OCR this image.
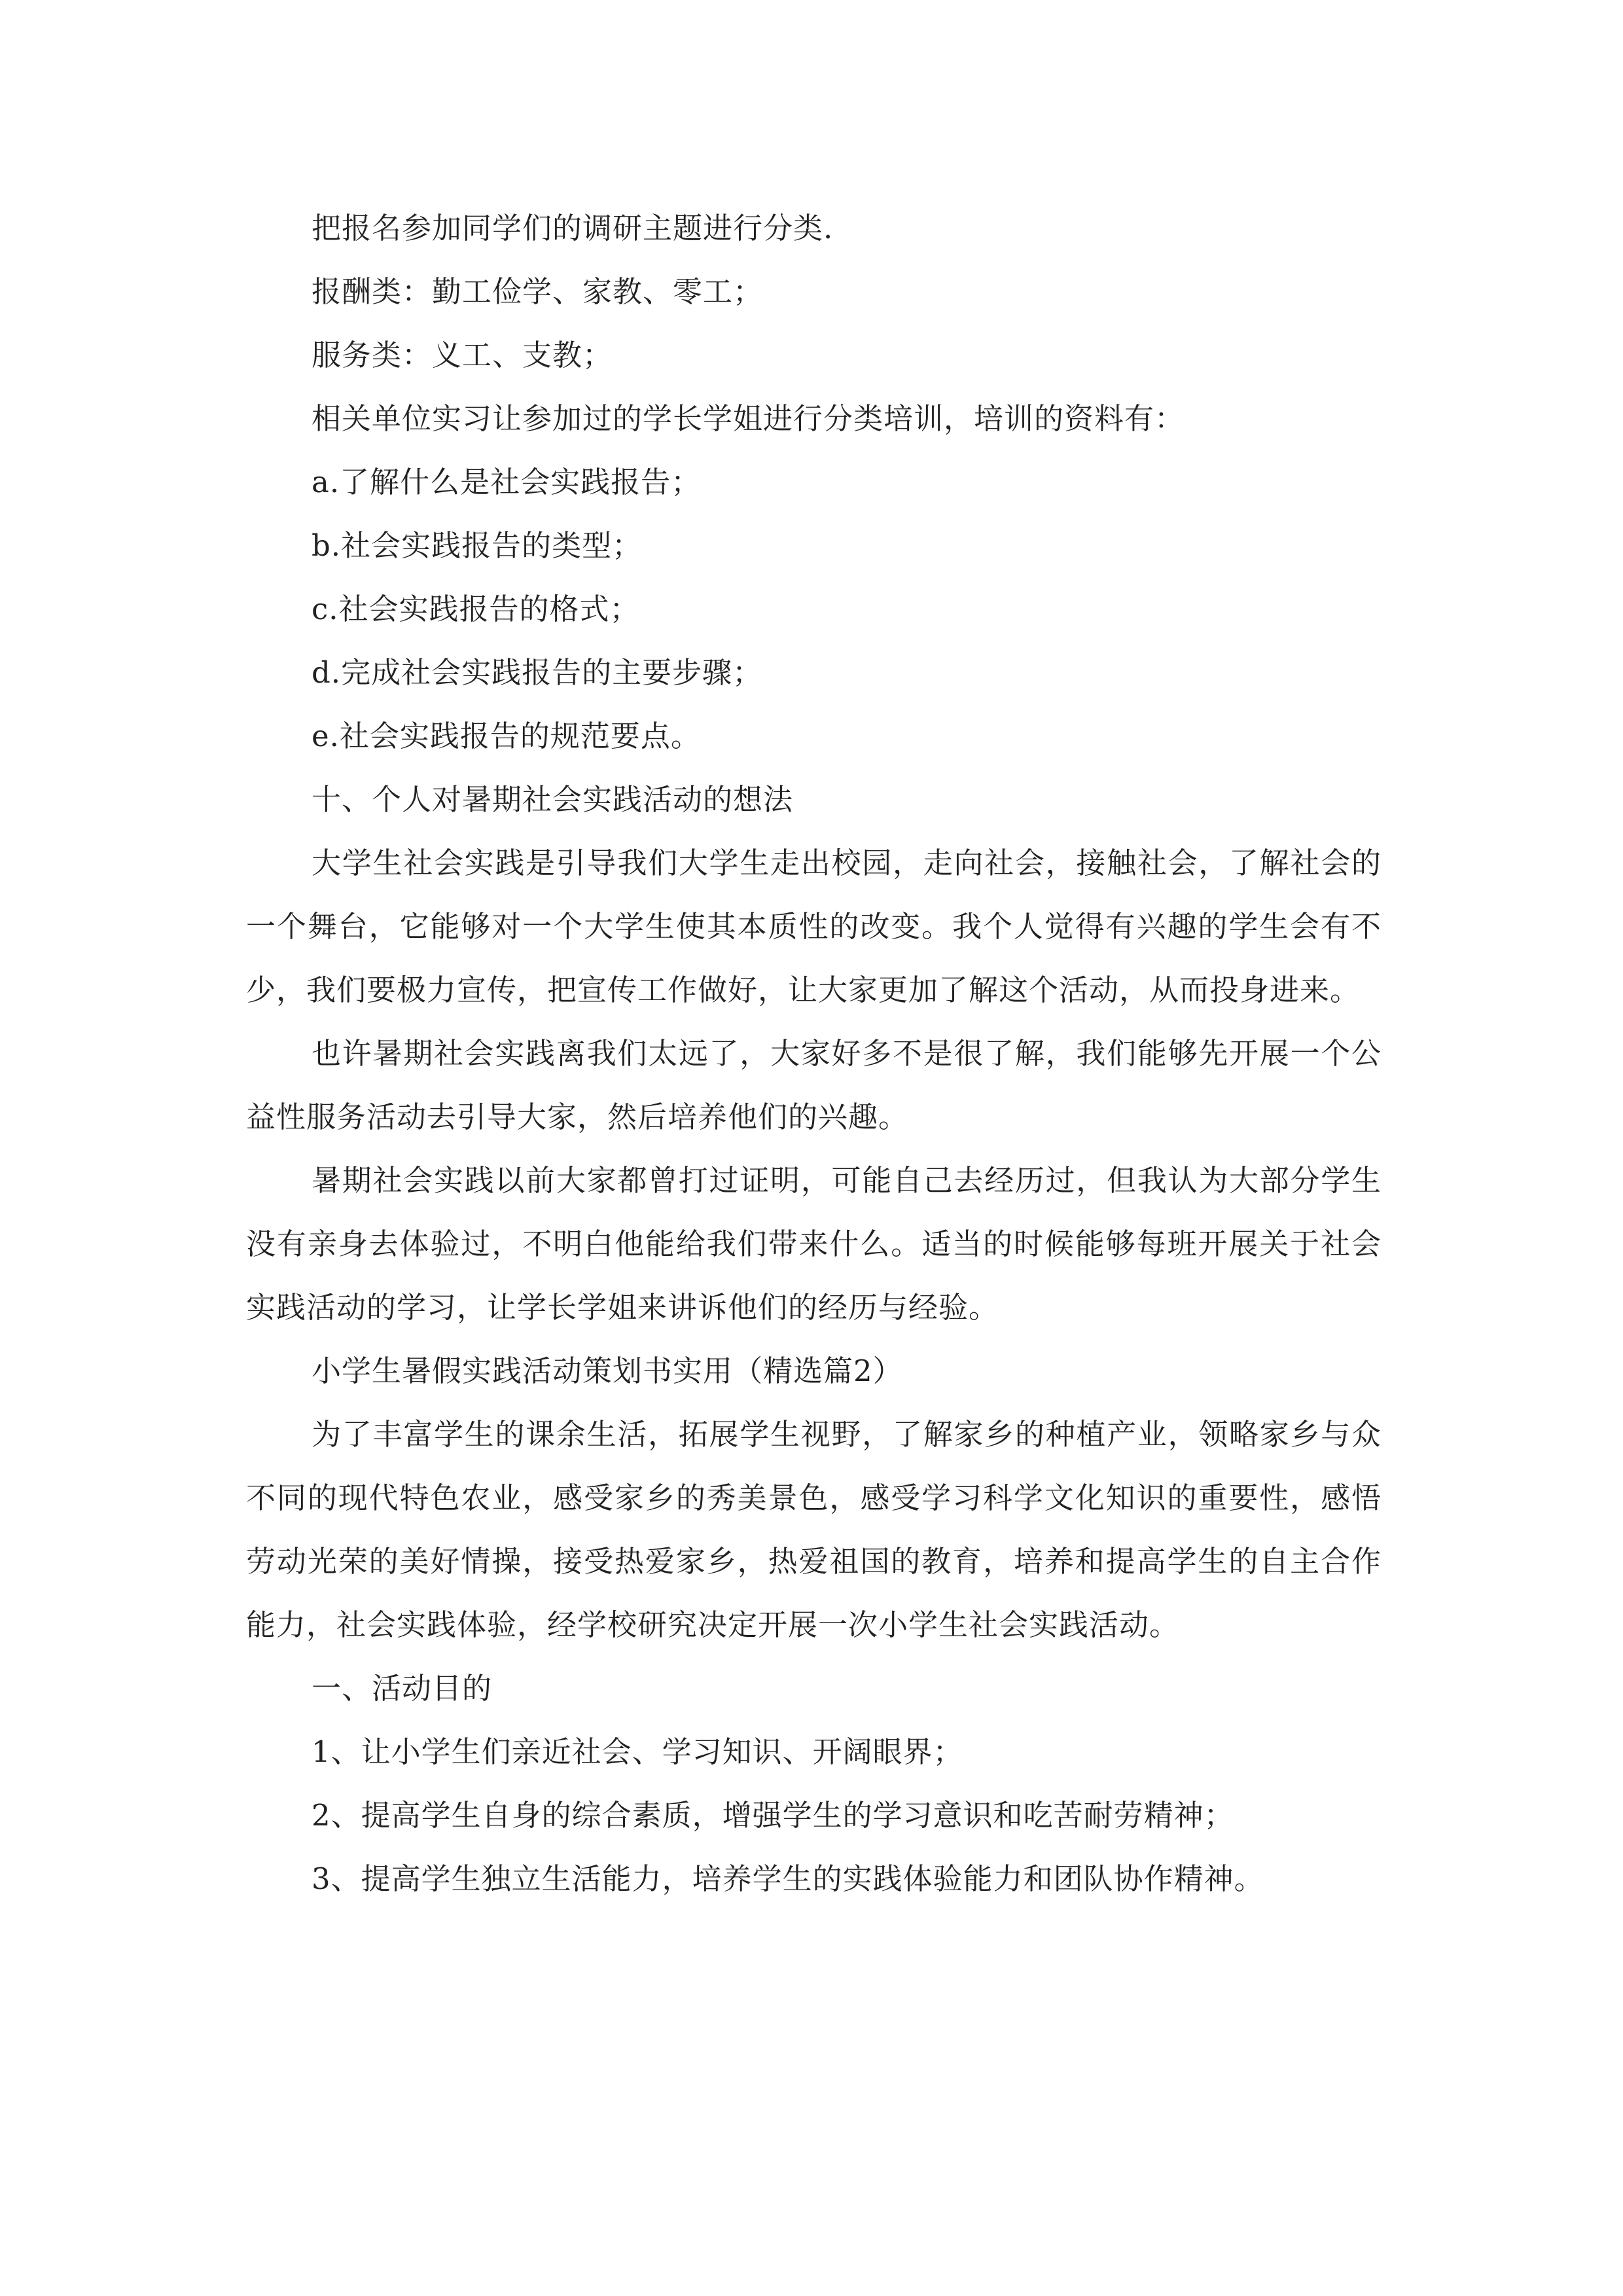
把报名参加同学们的调研主题进行分类.

报酬类：勤工俭学、家教、零工；

服务类：义工、支教；

相关单位实习让参加过的学长学姐进行分类培训，培训的资料有：

a.了解什么是社会实践报告；

b.社会实践报告的类型；

c.社会实践报告的格式；

d.完成社会实践报告的主要步骤；

e.社会实践报告的规范要点。

十、个人对暑期社会实践活动的想法

大学生社会实践是引导我们大学生走出校园，走向社会，接触社会，了解社会的一个舞台，它能够对一个大学生使其本质性的改变。我个人觉得有兴趣的学生会有不少，我们要极力宣传，把宣传工作做好，让大家更加了解这个活动，从而投身进来。

也许暑期社会实践离我们太远了，大家好多不是很了解，我们能够先开展一个公益性服务活动去引导大家，然后培养他们的兴趣。

暑期社会实践以前大家都曾打过证明，可能自己去经历过，但我认为大部分学生没有亲身去体验过，不明白他能给我们带来什么。适当的时候能够每班开展关于社会实践活动的学习，让学长学姐来讲诉他们的经历与经验。

小学生暑假实践活动策划书实用（精选篇2）

为了丰富学生的课余生活，拓展学生视野，了解家乡的种植产业，领略家乡与众不同的现代特色农业，感受家乡的秀美景色，感受学习科学文化知识的重要性，感悟劳动光荣的美好情操，接受热爱家乡，热爱祖国的教育，培养和提高学生的自主合作能力，社会实践体验，经学校研究决定开展一次小学生社会实践活动。

一、活动目的

1、让小学生们亲近社会、学习知识、开阔眼界；

2、提高学生自身的综合素质，增强学生的学习意识和吃苦耐劳精神；

3、提高学生独立生活能力，培养学生的实践体验能力和团队协作精神。
